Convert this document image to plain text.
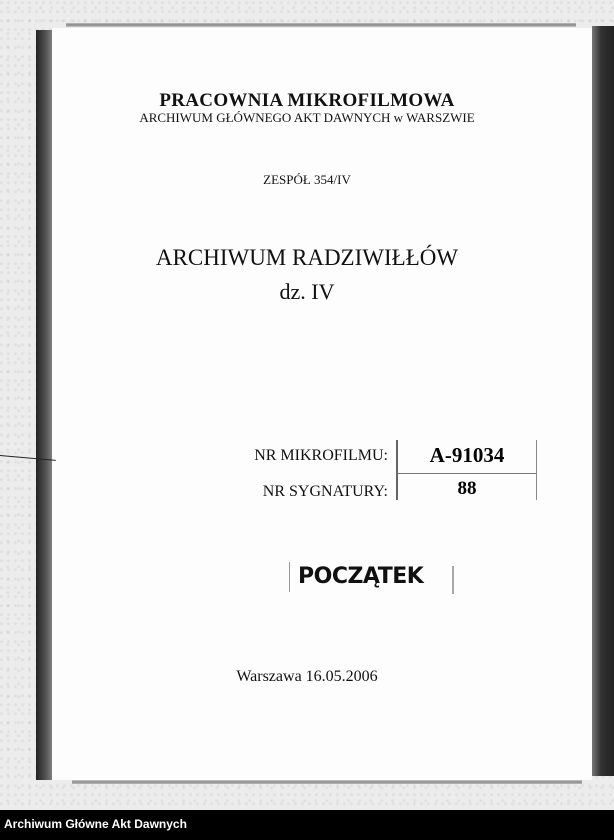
PRACOWNIA MIKROFILMOWA

ARCHIWUM GŁÓWNEGO AKT DAWNYCH w WARSZWIE

ZESPÓŁ 354/IV

ARCHIWUM RADZIWIŁŁÓW

dz. IV

NR MIKROFILMU:
NR SYGNATURY:
A-91034
88
POCZĄTEK

Warszawa 16.05.2006

Archiwum Główne Akt Dawnych
